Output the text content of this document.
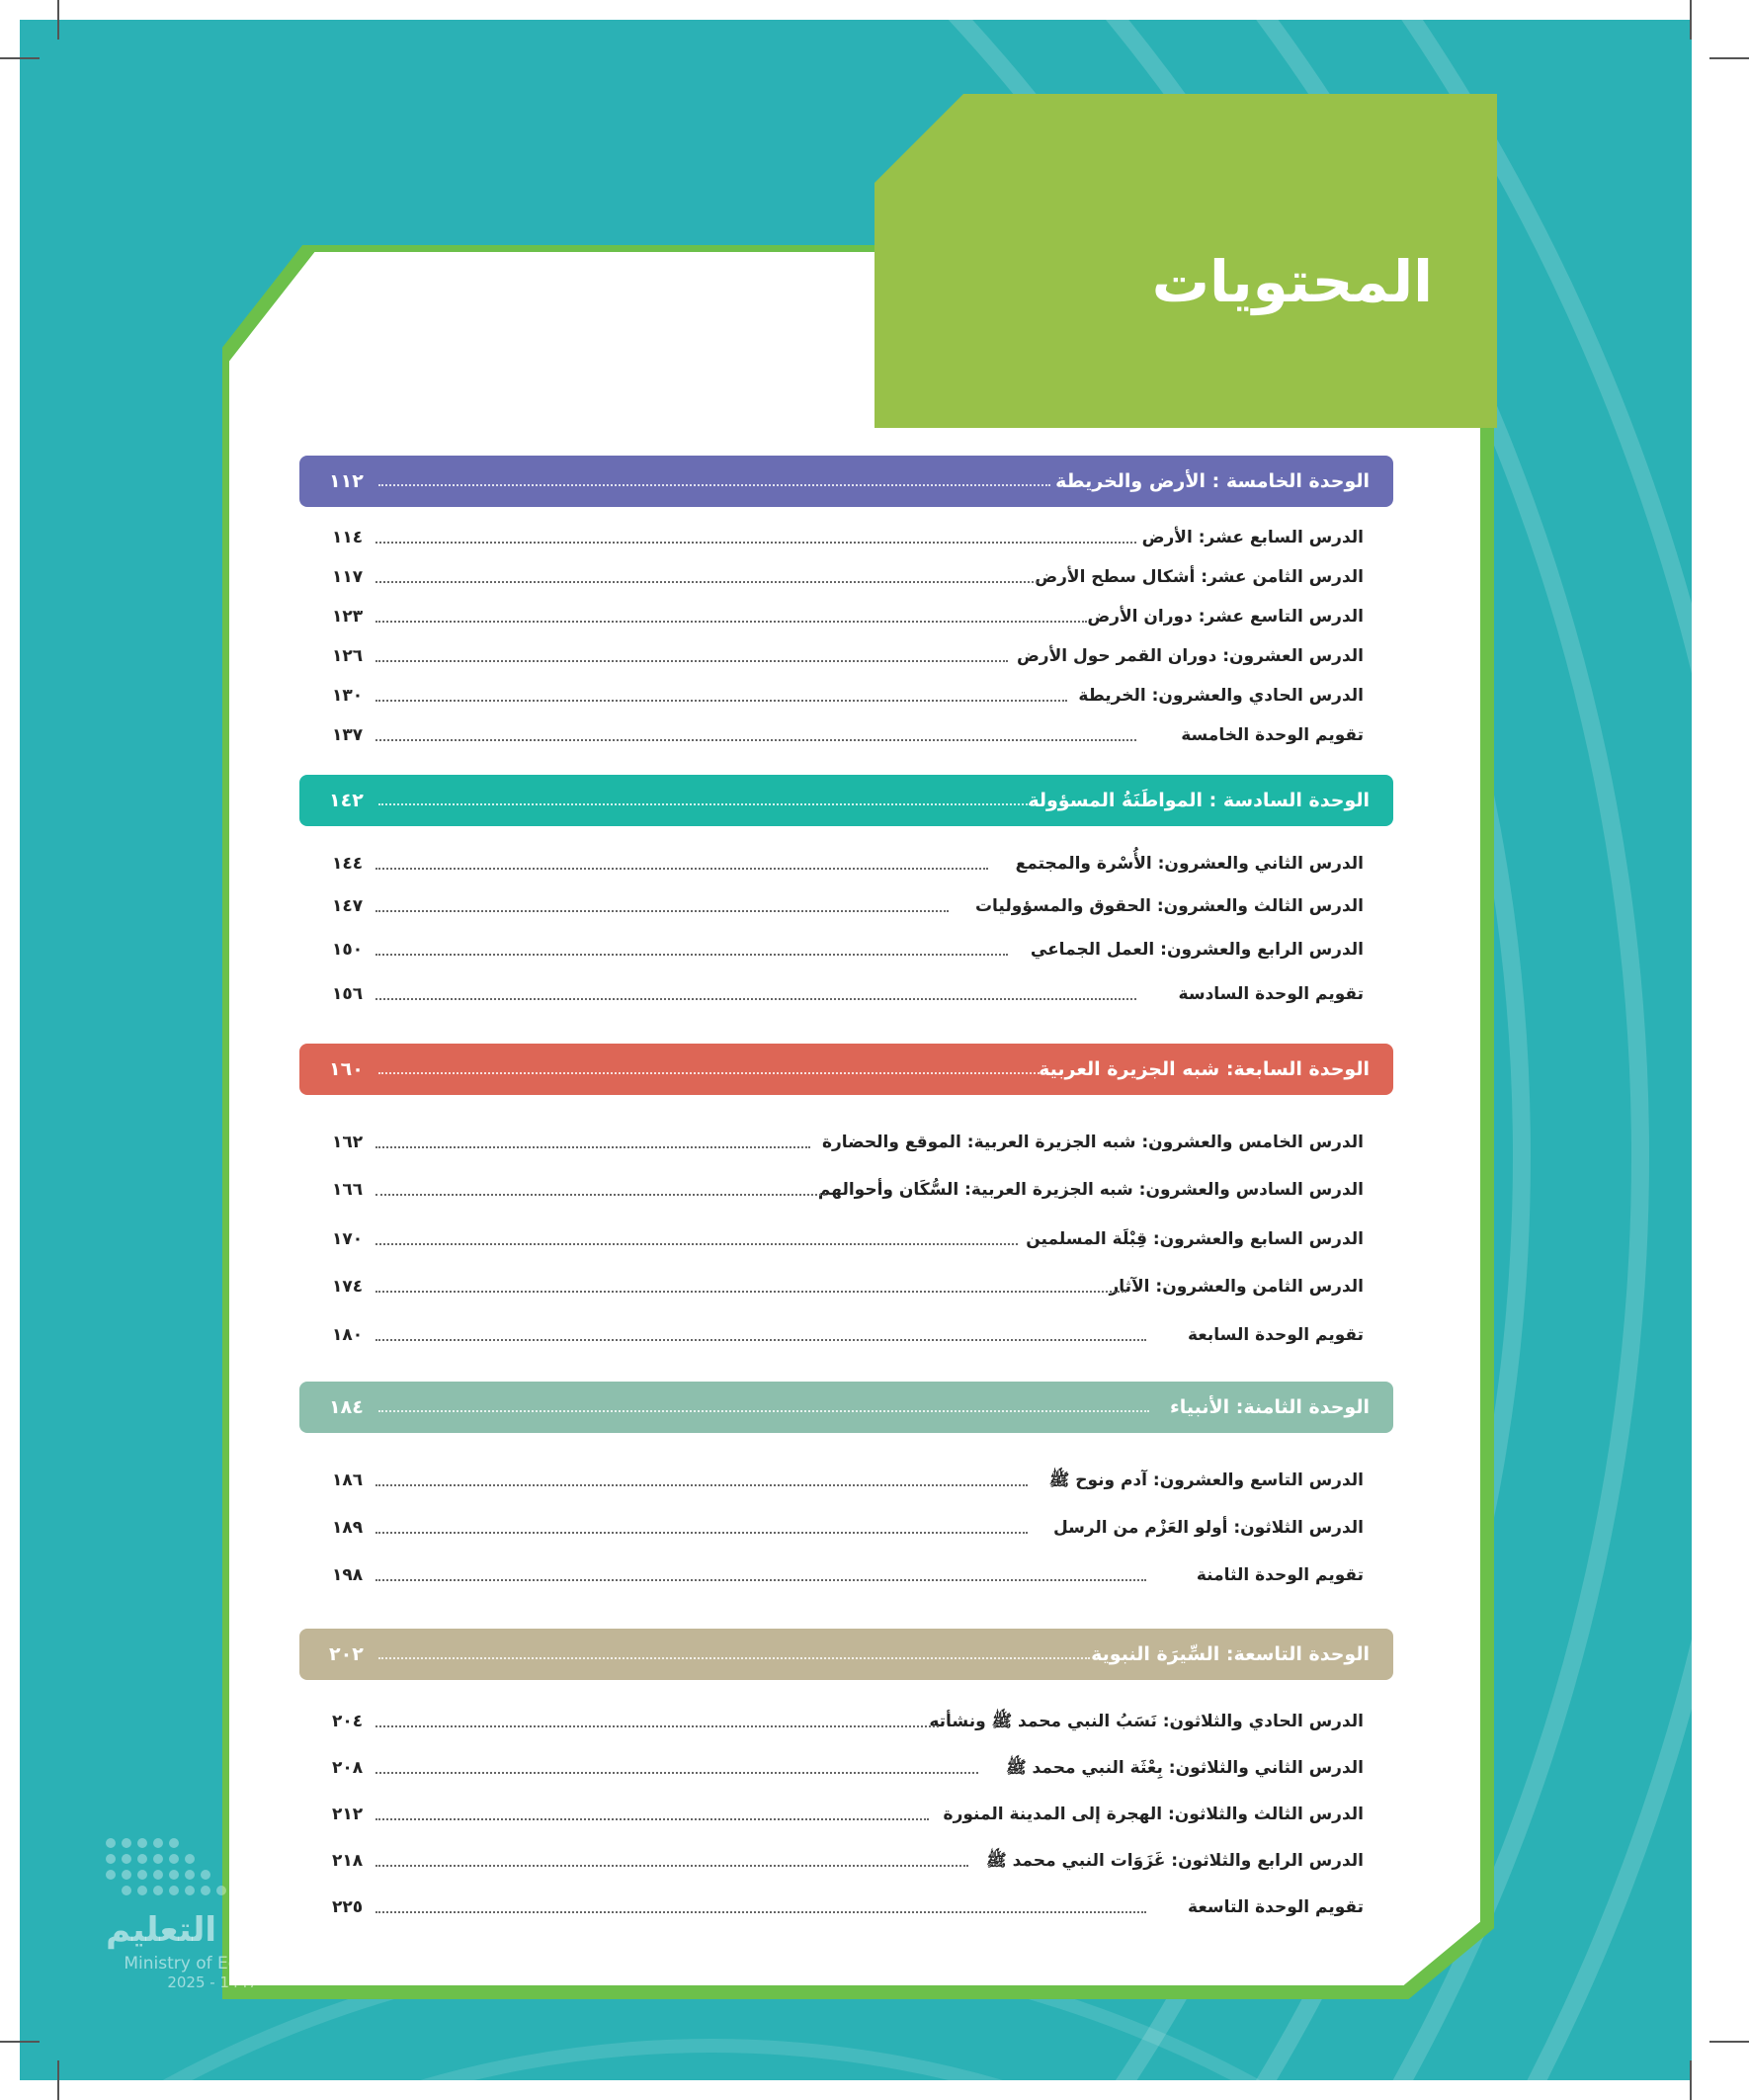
المحتويات
الوحدة الخامسة : الأرض والخريطة
١١٢
الدرس السابع عشر: الأرض
١١٤
الدرس الثامن عشر: أشكال سطح الأرض
١١٧
الدرس التاسع عشر: دوران الأرض
١٢٣
الدرس العشرون: دوران القمر حول الأرض
١٢٦
الدرس الحادي والعشرون: الخريطة
١٣٠
تقويم الوحدة الخامسة
١٣٧
الوحدة السادسة : المواطَنَةُ المسؤولة
١٤٢
الدرس الثاني والعشرون: الأُسْرة والمجتمع
١٤٤
الدرس الثالث والعشرون: الحقوق والمسؤوليات
١٤٧
الدرس الرابع والعشرون: العمل الجماعي
١٥٠
تقويم الوحدة السادسة
١٥٦
الوحدة السابعة: شبه الجزيرة العربية
١٦٠
الدرس الخامس والعشرون: شبه الجزيرة العربية: الموقع والحضارة
١٦٢
الدرس السادس والعشرون: شبه الجزيرة العربية: السُّكَان وأحوالهم
١٦٦
الدرس السابع والعشرون: قِبْلَة المسلمين
١٧٠
الدرس الثامن والعشرون: الآثار
١٧٤
تقويم الوحدة السابعة
١٨٠
الوحدة الثامنة: الأنبياء
١٨٤
الدرس التاسع والعشرون: آدم ونوح ﷺ
١٨٦
الدرس الثلاثون: أولو العَزْم من الرسل
١٨٩
تقويم الوحدة الثامنة
١٩٨
الوحدة التاسعة: السِّيرَة النبوية
٢٠٢
الدرس الحادي والثلاثون: نَسَبُ النبي محمد ﷺ ونشأته
٢٠٤
الدرس الثاني والثلاثون: بِعْثَة النبي محمد ﷺ
٢٠٨
الدرس الثالث والثلاثون: الهجرة إلى المدينة المنورة
٢١٢
الدرس الرابع والثلاثون: غَزَوَات النبي محمد ﷺ
٢١٨
تقويم الوحدة التاسعة
٢٢٥
وزارة التعليم
Ministry of Education
2025 - 1447
